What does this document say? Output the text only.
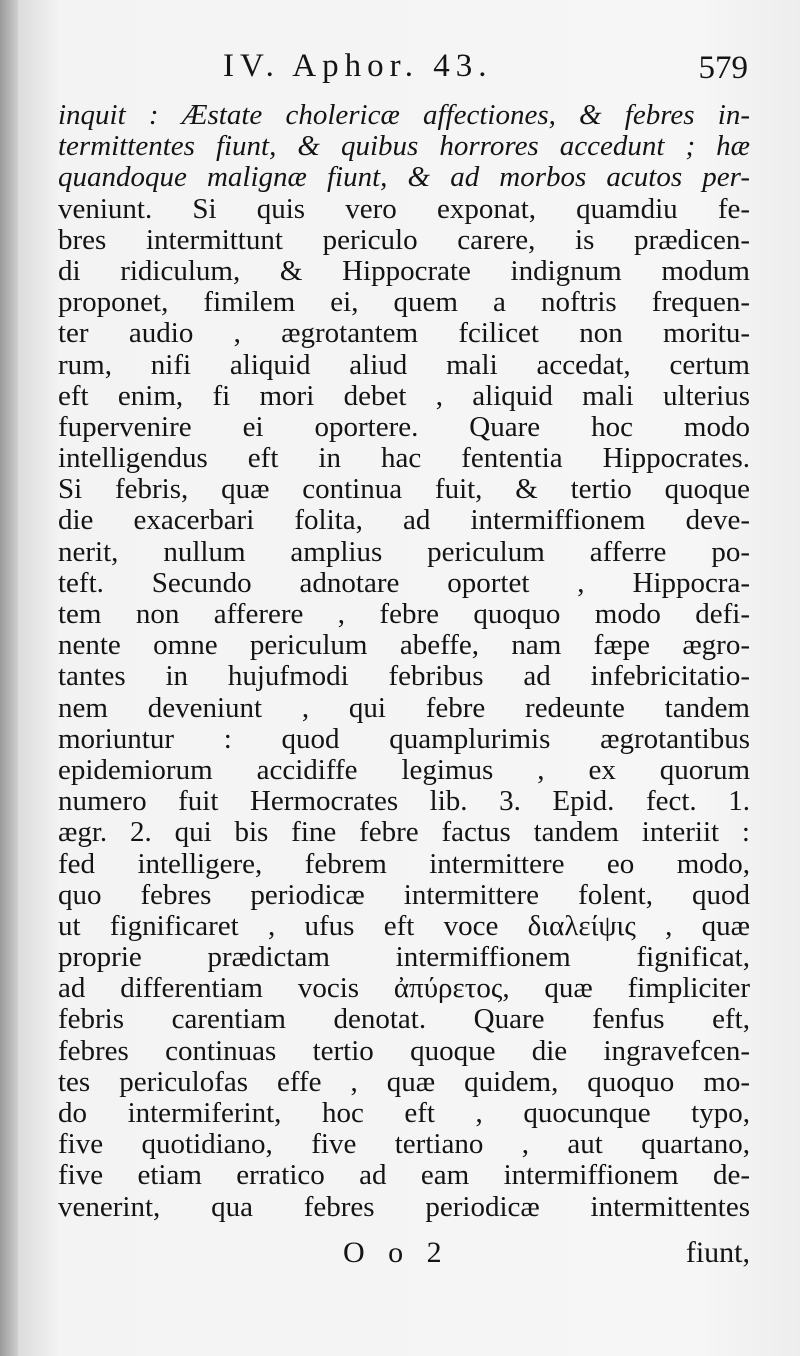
IV. Aphor. 43.	579
inquit : Æstate cholericæ affectiones, & febres in-
termittentes fiunt, & quibus horrores accedunt ; hæ
quandoque malignæ fiunt, & ad morbos acutos per-
veniunt. Si quis vero exponat, quamdiu fe-
bres intermittunt periculo carere, is prædicen-
di ridiculum, & Hippocrate indignum modum
proponet, fimilem ei, quem a noftris frequen-
ter audio , ægrotantem fcilicet non moritu-
rum, nifi aliquid aliud mali accedat, certum
eft enim, fi mori debet , aliquid mali ulterius
fupervenire ei oportere. Quare hoc modo
intelligendus eft in hac fententia Hippocrates.
Si febris, quæ continua fuit, & tertio quoque
die exacerbari folita, ad intermiffionem deve-
nerit, nullum amplius periculum afferre po-
teft. Secundo adnotare oportet , Hippocra-
tem non afferere , febre quoquo modo defi-
nente omne periculum abeffe, nam fæpe ægro-
tantes in hujufmodi febribus ad infebricitatio-
nem deveniunt , qui febre redeunte tandem
moriuntur : quod quamplurimis ægrotantibus
epidemiorum accidiffe legimus , ex quorum
numero fuit Hermocrates lib. 3. Epid. fect. 1.
ægr. 2. qui bis fine febre factus tandem interiit :
fed intelligere, febrem intermittere eo modo,
quo febres periodicæ intermittere folent, quod
ut fignificaret , ufus eft voce διαλείψις , quæ
proprie prædictam intermiffionem fignificat,
ad differentiam vocis ἀπύρετος, quæ fimpliciter
febris carentiam denotat. Quare fenfus eft,
febres continuas tertio quoque die ingravefcen-
tes periculofas effe , quæ quidem, quoquo mo-
do intermiferint, hoc eft , quocunque typo,
five quotidiano, five tertiano , aut quartano,
five etiam erratico ad eam intermiffionem de-
venerint, qua febres periodicæ intermittentes
O o 2	fiunt,
